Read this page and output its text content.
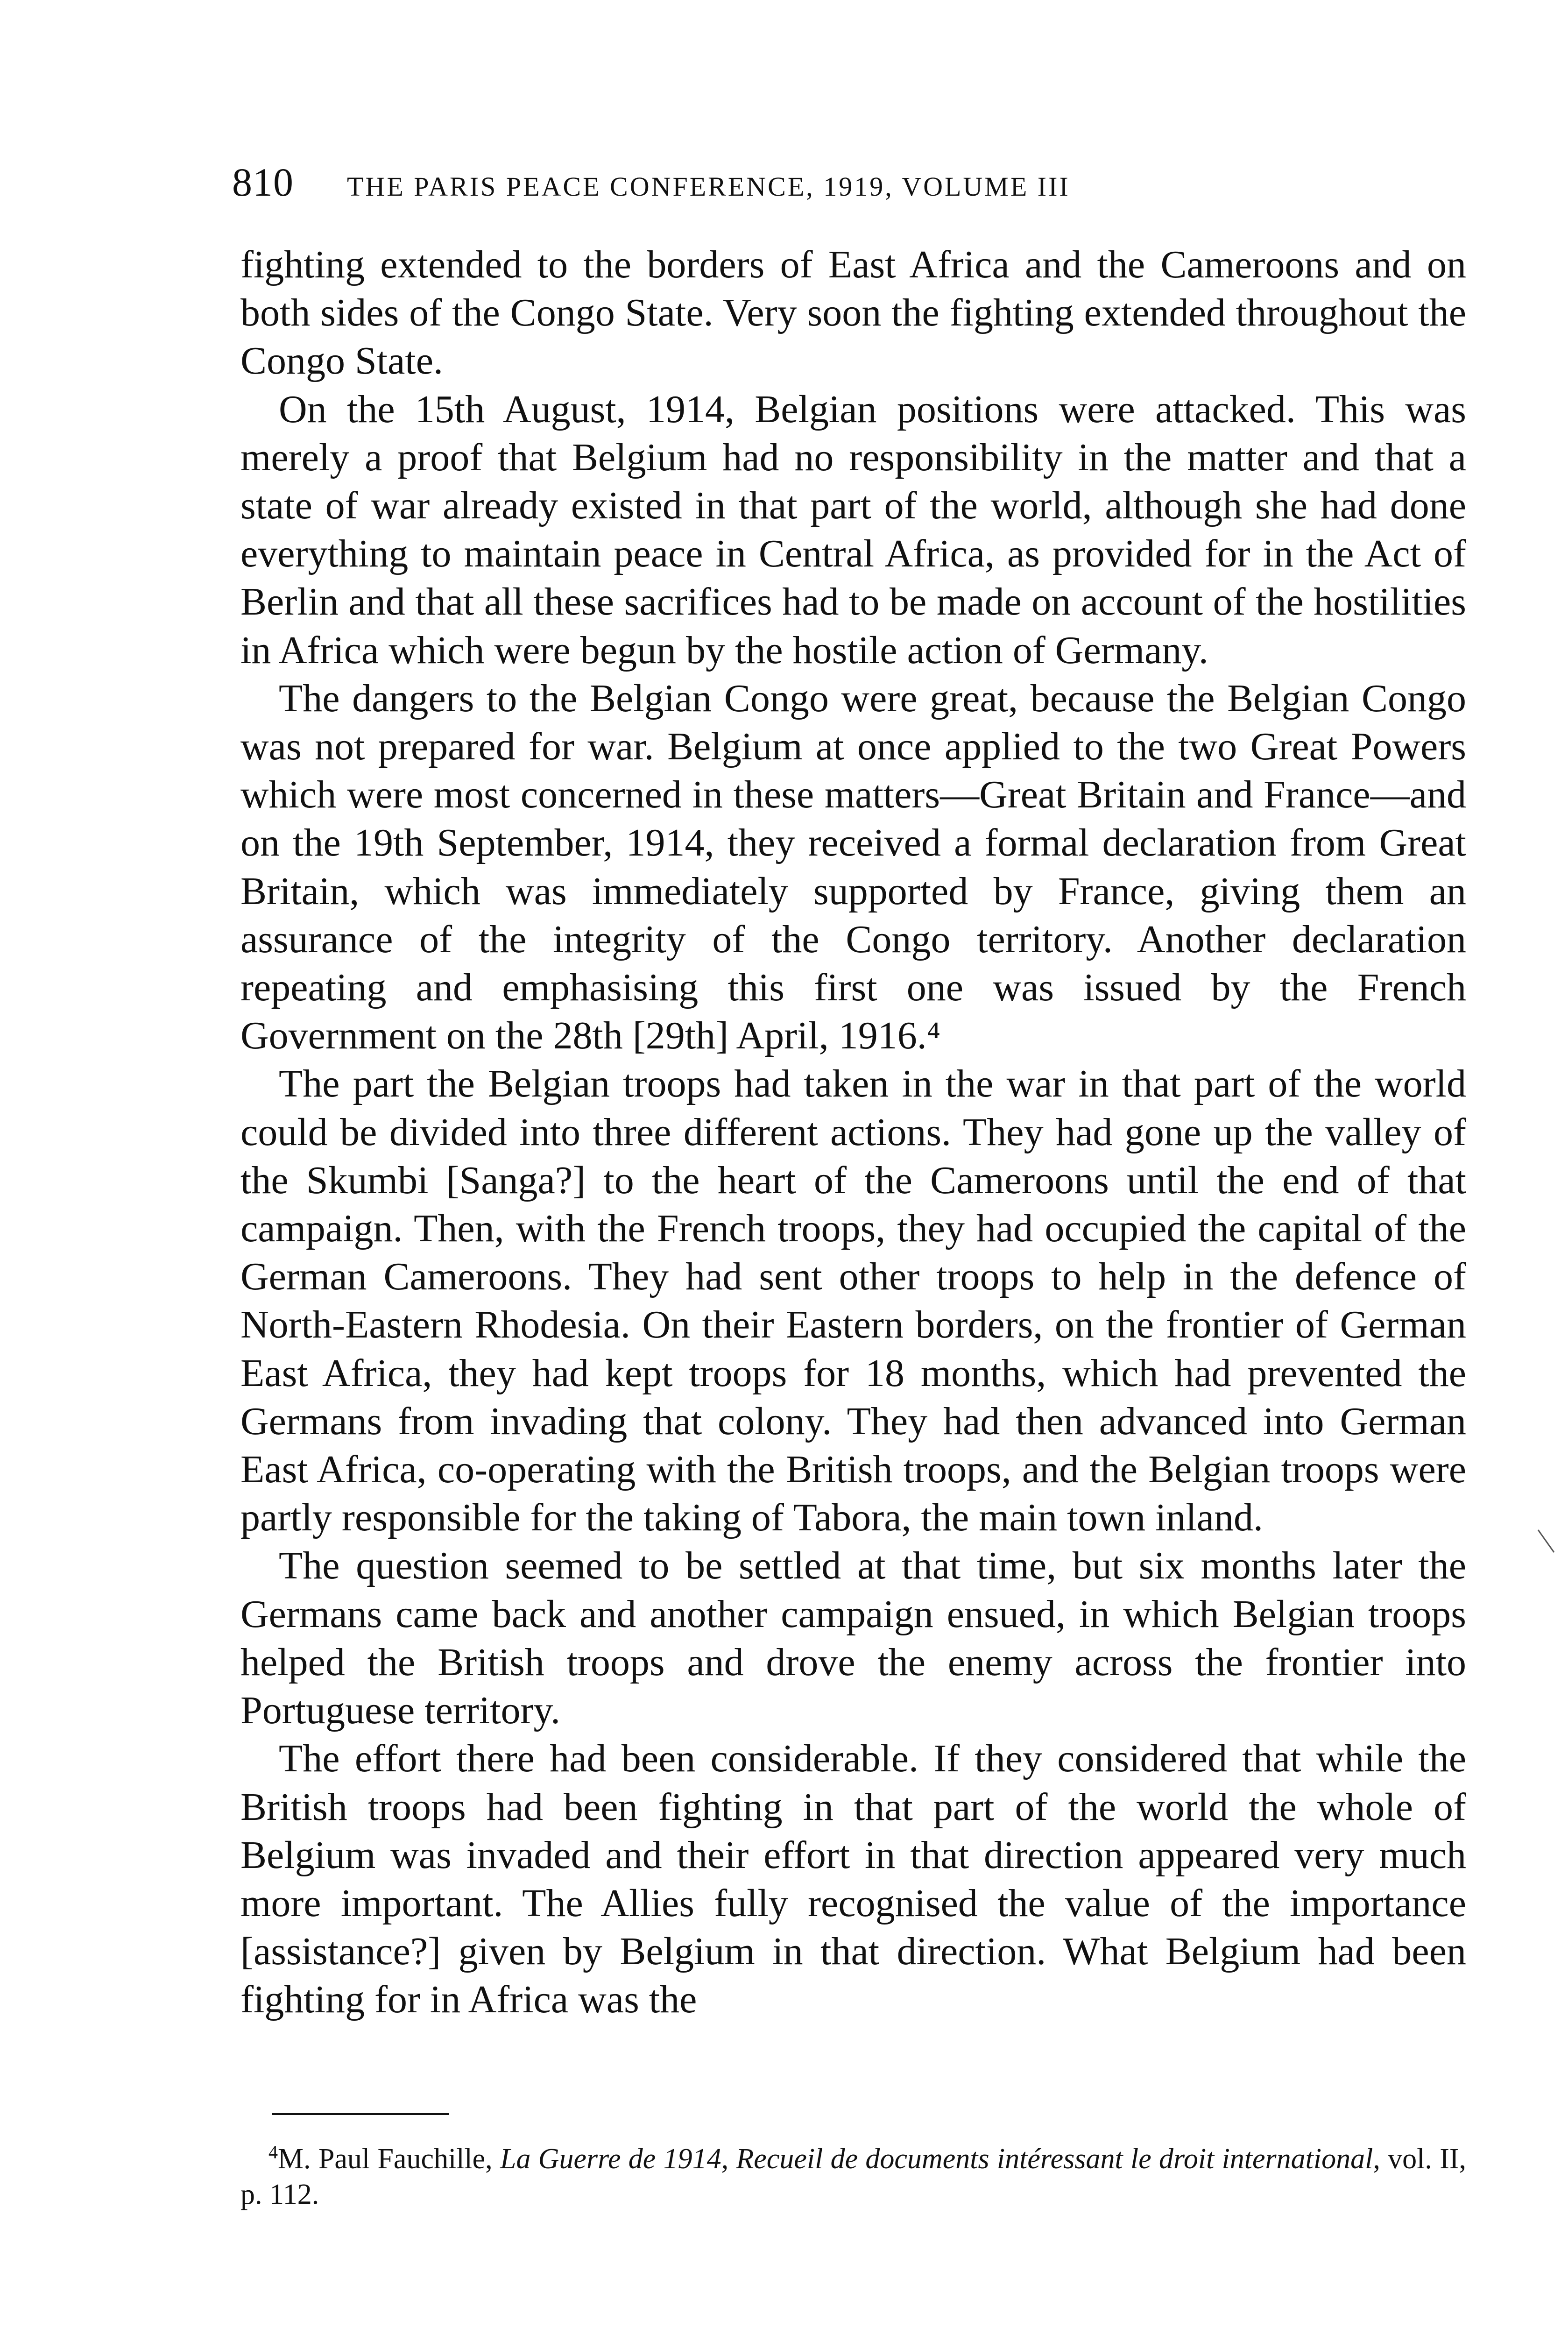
810 THE PARIS PEACE CONFERENCE, 1919, VOLUME III

fighting extended to the borders of East Africa and the Cameroons and on both sides of the Congo State. Very soon the fighting extended throughout the Congo State.

On the 15th August, 1914, Belgian positions were attacked. This was merely a proof that Belgium had no responsibility in the matter and that a state of war already existed in that part of the world, although she had done everything to maintain peace in Central Africa, as provided for in the Act of Berlin and that all these sacrifices had to be made on account of the hostilities in Africa which were begun by the hostile action of Germany.

The dangers to the Belgian Congo were great, because the Belgian Congo was not prepared for war. Belgium at once applied to the two Great Powers which were most concerned in these matters—Great Britain and France—and on the 19th September, 1914, they received a formal declaration from Great Britain, which was immediately supported by France, giving them an assurance of the integrity of the Congo territory. Another declaration repeating and emphasising this first one was issued by the French Government on the 28th [29th] April, 1916.⁴

The part the Belgian troops had taken in the war in that part of the world could be divided into three different actions. They had gone up the valley of the Skumbi [Sanga?] to the heart of the Cameroons until the end of that campaign. Then, with the French troops, they had occupied the capital of the German Cameroons. They had sent other troops to help in the defence of North-Eastern Rhodesia. On their Eastern borders, on the frontier of German East Africa, they had kept troops for 18 months, which had prevented the Germans from invading that colony. They had then advanced into German East Africa, co-operating with the British troops, and the Belgian troops were partly responsible for the taking of Tabora, the main town inland.

The question seemed to be settled at that time, but six months later the Germans came back and another campaign ensued, in which Belgian troops helped the British troops and drove the enemy across the frontier into Portuguese territory.

The effort there had been considerable. If they considered that while the British troops had been fighting in that part of the world the whole of Belgium was invaded and their effort in that direction appeared very much more important. The Allies fully recognised the value of the importance [assistance?] given by Belgium in that direction. What Belgium had been fighting for in Africa was the

$^4$M. Paul Fauchille, La Guerre de 1914, Recueil de documents intéressant le droit international, vol. II, p. 112.
